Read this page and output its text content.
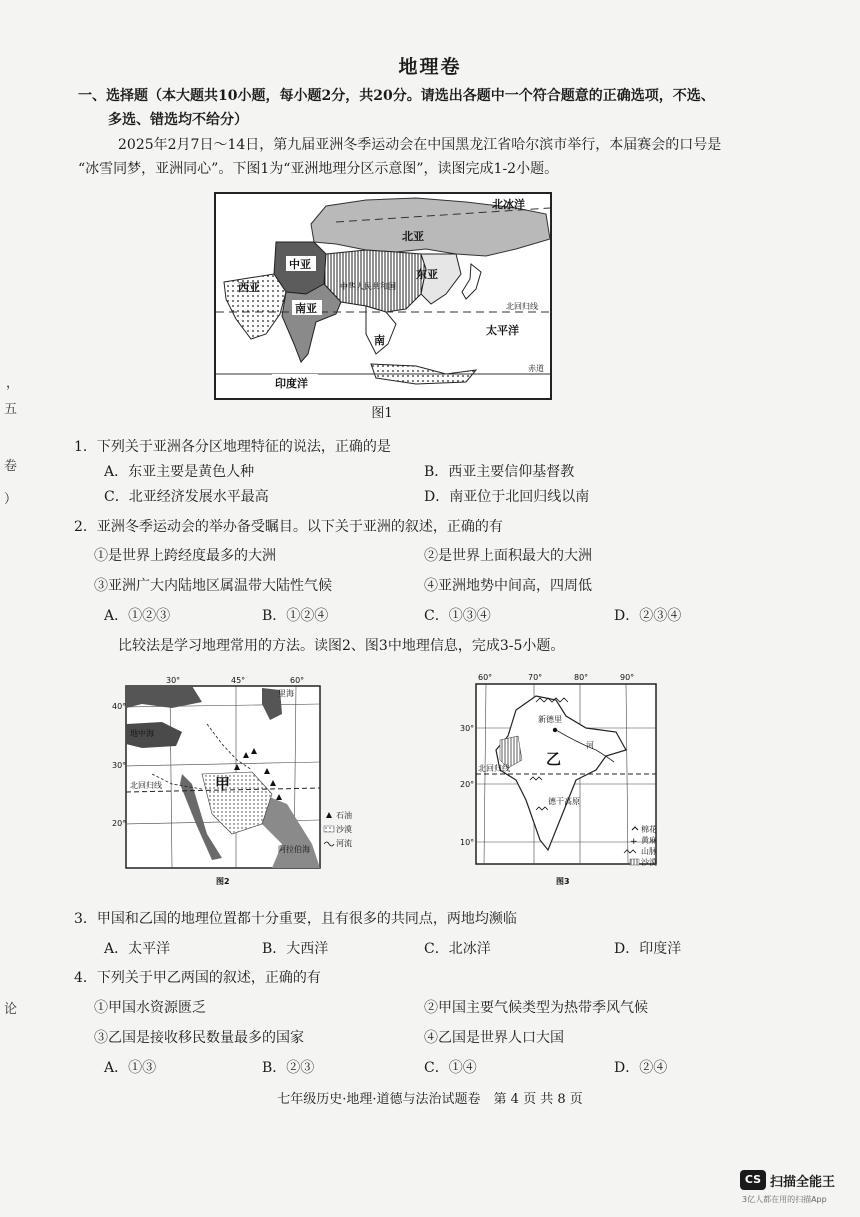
地理卷
，
五
卷
）
论
一、选择题（本大题共10小题，每小题2分，共20分。请选出各题中一个符合题意的正确选项，不选、
多选、错选均不给分）
2025年2月7日～14日，第九届亚洲冬季运动会在中国黑龙江省哈尔滨市举行，本届赛会的口号是
“冰雪同梦，亚洲同心”。下图1为“亚洲地理分区示意图”，读图完成1-2小题。
北冰洋
北亚
中亚
西亚
东亚
中华人民共和国
南亚	北回归线
太平洋
南
印度洋
赤道
图1
1．下列关于亚洲各分区地理特征的说法，正确的是
A．东亚主要是黄色人种	B．西亚主要信仰基督教
C．北亚经济发展水平最高	D．南亚位于北回归线以南
2．亚洲冬季运动会的举办备受瞩目。以下关于亚洲的叙述，正确的有
①是世界上跨经度最多的大洲	②是世界上面积最大的大洲
③亚洲广大内陆地区属温带大陆性气候	④亚洲地势中间高，四周低
A．①②③	B．①②④	C．①③④	D．②③④
比较法是学习地理常用的方法。读图2、图3中地理信息，完成3-5小题。
30°	45°	60°
40°
30°
20°
里海
地中海
阿拉伯海
北回归线	甲
石油
沙漠
河流
图2
60°	70°	80°	90°
30°
20°
10°
新德里
乙
北回归线
河
德干高原
棉花
+ 黄麻
山脉
沙漠
图3
3．甲国和乙国的地理位置都十分重要，且有很多的共同点，两地均濒临
A．太平洋	B．大西洋	C．北冰洋	D．印度洋
4．下列关于甲乙两国的叙述，正确的有
①甲国水资源匮乏	②甲国主要气候类型为热带季风气候
③乙国是接收移民数量最多的国家	④乙国是世界人口大国
A．①③	B．②③	C．①④	D．②④
七年级历史·地理·道德与法治试题卷　第 4 页 共 8 页
CS 扫描全能王
3亿人都在用的扫描App
